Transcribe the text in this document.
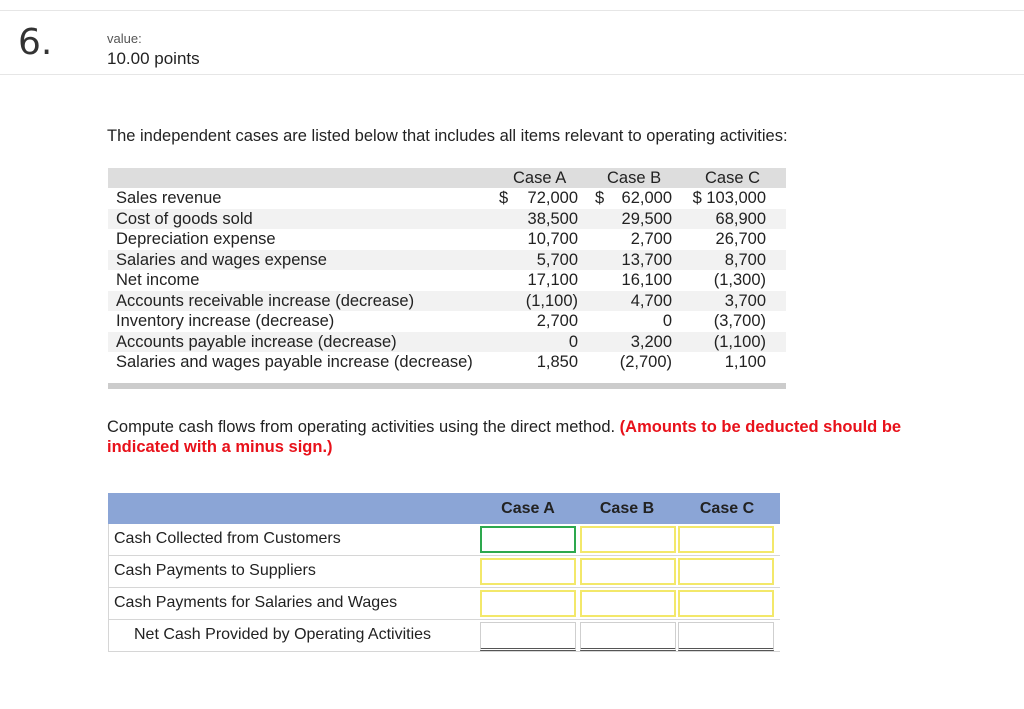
6.	value:
10.00 points
The independent cases are listed below that includes all items relevant to operating activities:
Case A Case B	Case C
Sales revenue	$ 72,000 $ 62,000 $ 103,000
Cost of goods sold	38,500	29,500	68,900
Depreciation expense	10,700	2,700	26,700
Salaries and wages expense	5,700	13,700	8,700
Net income	17,100	16,100	(1,300)
Accounts receivable increase (decrease)	(1,100)	4,700	3,700
Inventory increase (decrease)	2,700	0	(3,700)
Accounts payable increase (decrease)	0	3,200	(1,100)
Salaries and wages payable increase (decrease)	1,850	(2,700)	1,100
Compute cash flows from operating activities using the direct method. (Amounts to be deducted should be indicated with a minus sign.)
Case A	Case B	Case C
Cash Collected from Customers
Cash Payments to Suppliers
Cash Payments for Salaries and Wages
Net Cash Provided by Operating Activities
